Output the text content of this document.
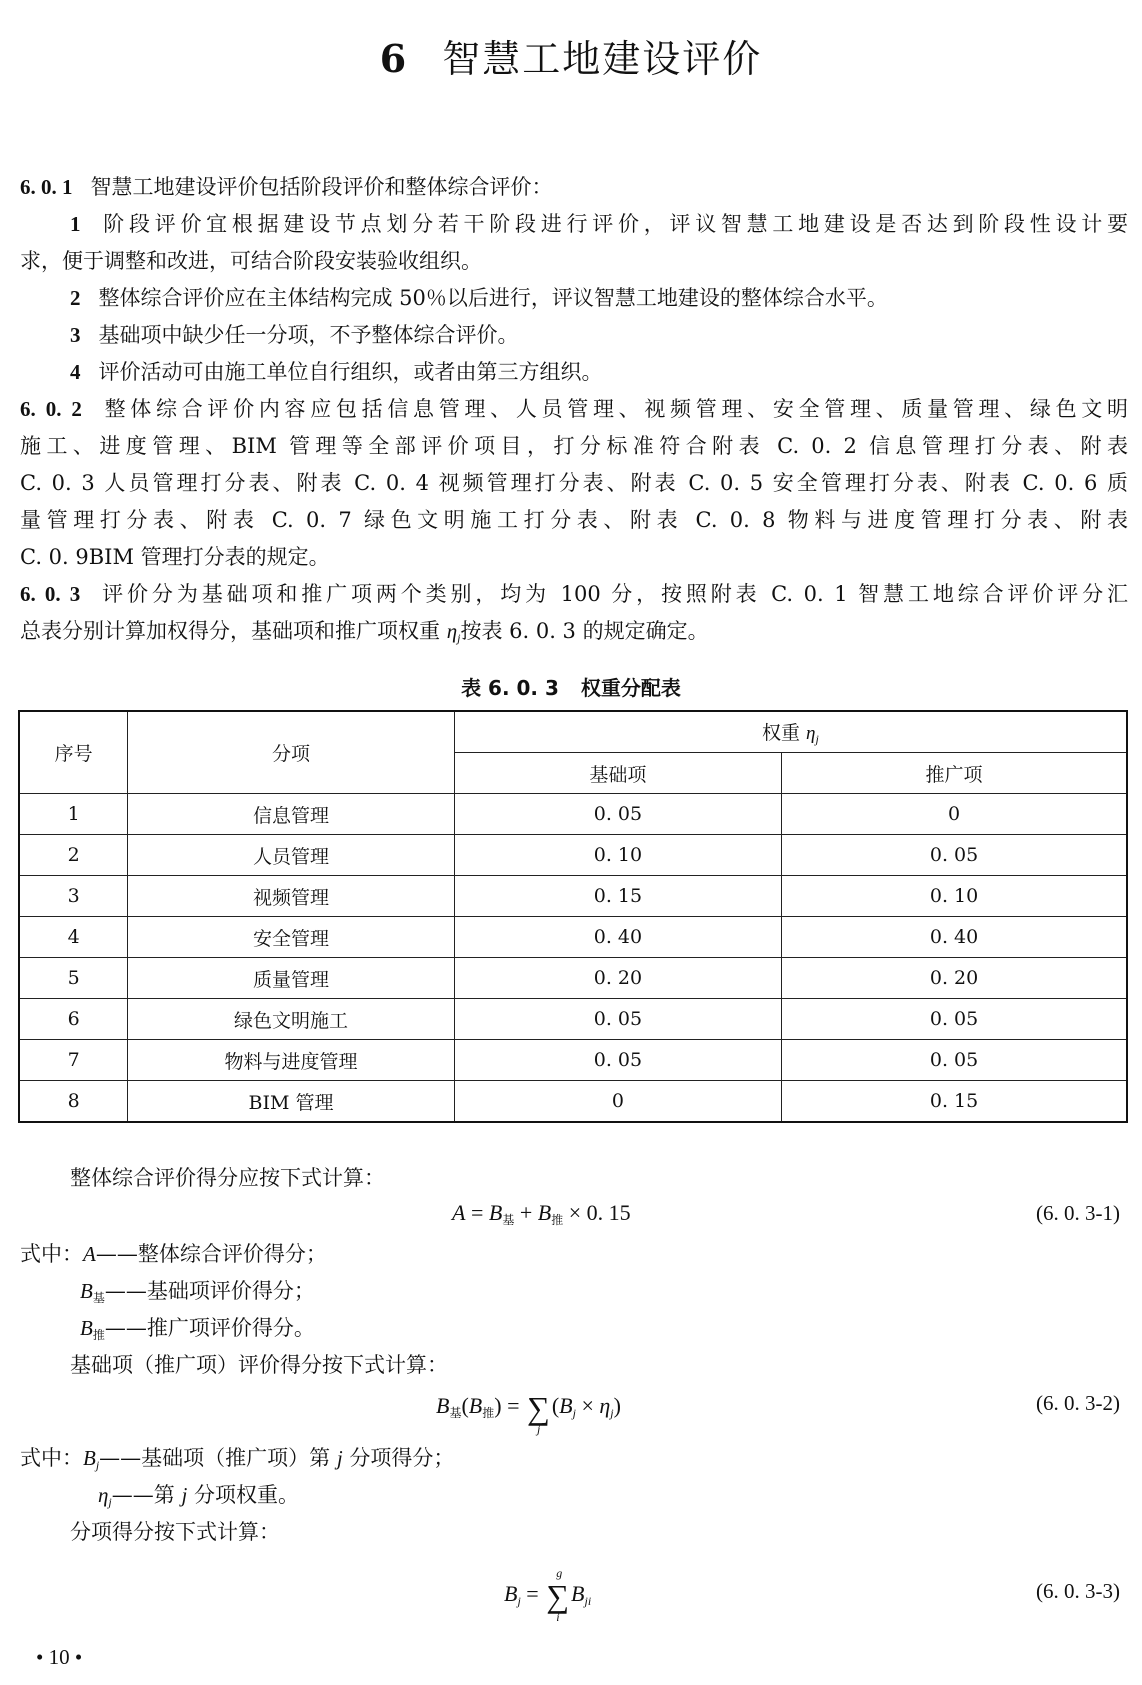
6 智慧工地建设评价
6. 0. 1 智慧工地建设评价包括阶段评价和整体综合评价：
1 阶段评价宜根据建设节点划分若干阶段进行评价，评议智慧工地建设是否达到阶段性设计要
求，便于调整和改进，可结合阶段安装验收组织。
2 整体综合评价应在主体结构完成 50％以后进行，评议智慧工地建设的整体综合水平。
3 基础项中缺少任一分项，不予整体综合评价。
4 评价活动可由施工单位自行组织，或者由第三方组织。
6. 0. 2 整体综合评价内容应包括信息管理、人员管理、视频管理、安全管理、质量管理、绿色文明
施工、进度管理、BIM 管理等全部评价项目，打分标准符合附表 C. 0. 2 信息管理打分表、附表
C. 0. 3 人员管理打分表、附表 C. 0. 4 视频管理打分表、附表 C. 0. 5 安全管理打分表、附表 C. 0. 6 质
量管理打分表、附表 C. 0. 7 绿色文明施工打分表、附表 C. 0. 8 物料与进度管理打分表、附表
C. 0. 9BIM 管理打分表的规定。
6. 0. 3 评价分为基础项和推广项两个类别，均为 100 分，按照附表 C. 0. 1 智慧工地综合评价评分汇
总表分别计算加权得分，基础项和推广项权重 $\eta_j$按表 6. 0. 3 的规定确定。
表 6. 0. 3 权重分配表
序号	分项	权重 $\eta_j$
		基础项	推广项
1	信息管理	0. 05	0
2	人员管理	0. 10	0. 05
3	视频管理	0. 15	0. 10
4	安全管理	0. 40	0. 40
5	质量管理	0. 20	0. 20
6	绿色文明施工	0. 05	0. 05
7	物料与进度管理	0. 05	0. 05
8	BIM 管理	0	0. 15
整体综合评价得分应按下式计算：
$A = B_基 + B_推 \times 0$. 15	(6. 0. 3-1)
式中：A——整体综合评价得分；
$B_基——$基础项评价得分；
$B_推——$推广项评价得分。
基础项（推广项）评价得分按下式计算：
$B_基(B_推)$ = ∑
j
$(B_j \times \eta_j)$	(6. 0. 3-2)
式中：$B_j——$基础项（推广项）第 j 分项得分；
$\eta_j——$第 j 分项权重。
分项得分按下式计算：
$B_j$ = ∑
g
i
$B_{ji}$	(6. 0. 3-3)
• 10 •
